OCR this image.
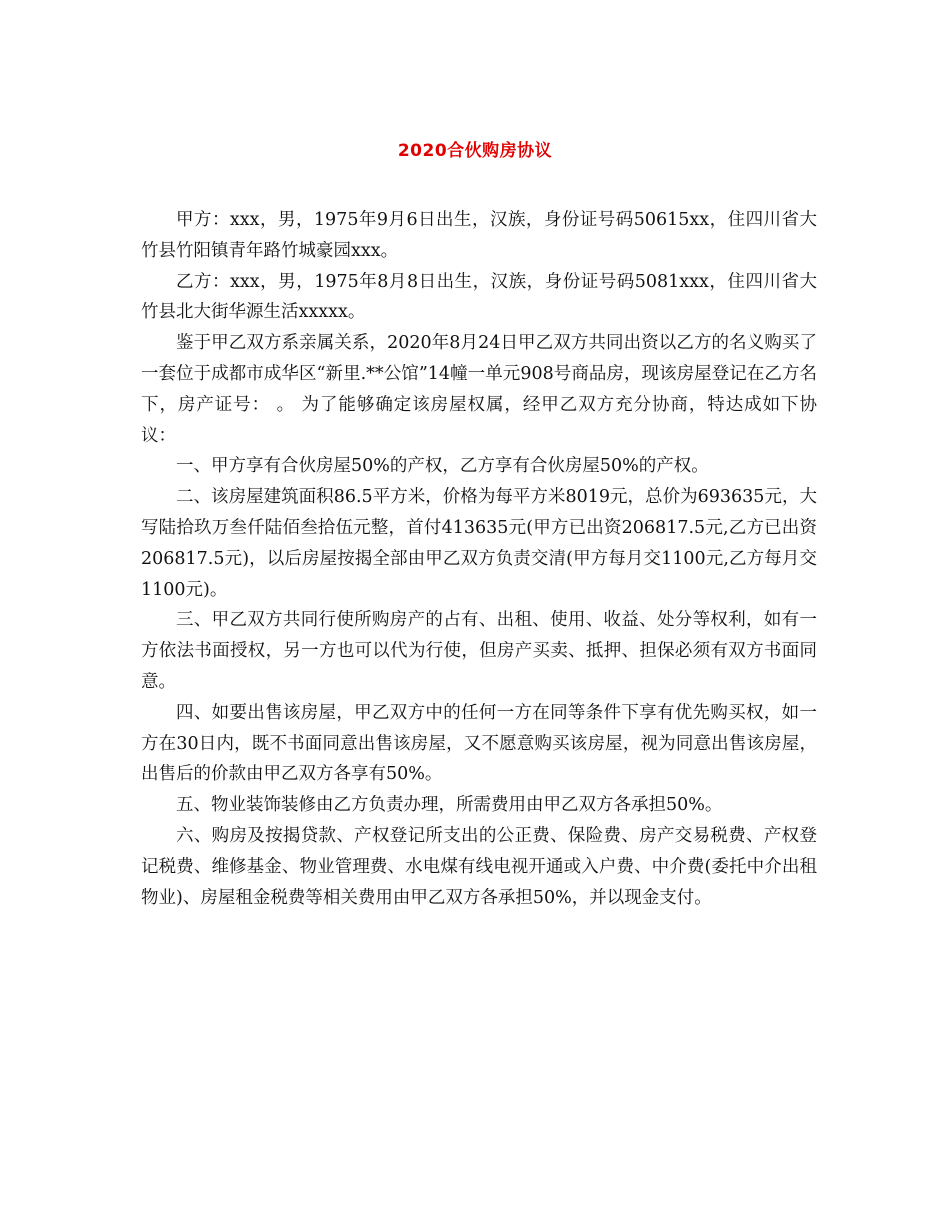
2020合伙购房协议

甲方：xxx，男，1975年9月6日出生，汉族，身份证号码50615xx，住四川省大竹县竹阳镇青年路竹城豪园xxx。

乙方：xxx，男，1975年8月8日出生，汉族，身份证号码5081xxx，住四川省大竹县北大街华源生活xxxxx。

鉴于甲乙双方系亲属关系，2020年8月24日甲乙双方共同出资以乙方的名义购买了一套位于成都市成华区“新里.**公馆”14幢一单元908号商品房，现该房屋登记在乙方名下，房产证号： 。 为了能够确定该房屋权属，经甲乙双方充分协商，特达成如下协议：

一、甲方享有合伙房屋50%的产权，乙方享有合伙房屋50%的产权。

二、该房屋建筑面积86.5平方米，价格为每平方米8019元，总价为693635元，大写陆拾玖万叁仟陆佰叁拾伍元整，首付413635元(甲方已出资206817.5元,乙方已出资206817.5元)，以后房屋按揭全部由甲乙双方负责交清(甲方每月交1100元,乙方每月交1100元)。

三、甲乙双方共同行使所购房产的占有、出租、使用、收益、处分等权利，如有一方依法书面授权，另一方也可以代为行使，但房产买卖、抵押、担保必须有双方书面同意。

四、如要出售该房屋，甲乙双方中的任何一方在同等条件下享有优先购买权，如一方在30日内，既不书面同意出售该房屋，又不愿意购买该房屋，视为同意出售该房屋，出售后的价款由甲乙双方各享有50%。

五、物业装饰装修由乙方负责办理，所需费用由甲乙双方各承担50%。

六、购房及按揭贷款、产权登记所支出的公正费、保险费、房产交易税费、产权登记税费、维修基金、物业管理费、水电煤有线电视开通或入户费、中介费(委托中介出租物业)、房屋租金税费等相关费用由甲乙双方各承担50%，并以现金支付。
